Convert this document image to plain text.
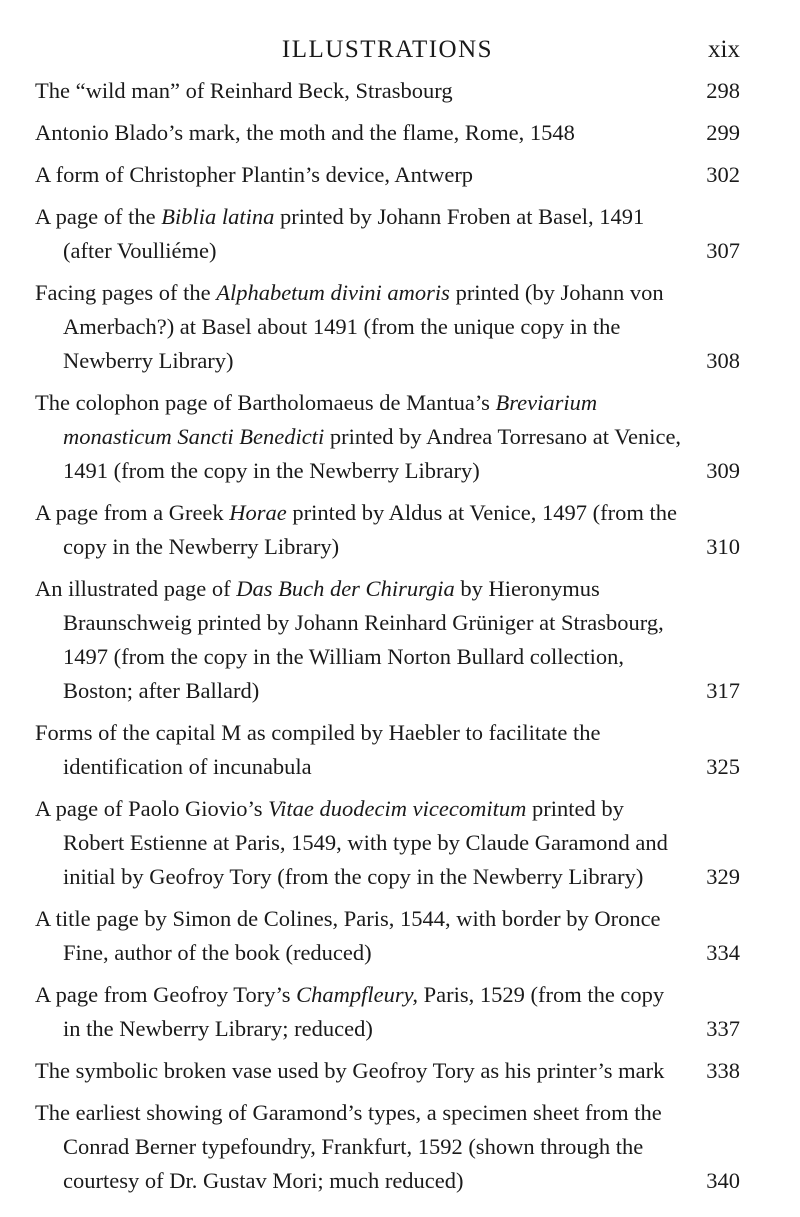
ILLUSTRATIONS	xix
The “wild man” of Reinhard Beck, Strasbourg	298
Antonio Blado’s mark, the moth and the flame, Rome, 1548	299
A form of Christopher Plantin’s device, Antwerp	302
A page of the Biblia latina printed by Johann Froben at Basel, 1491 (after Voulliéme)	307
Facing pages of the Alphabetum divini amoris printed (by Johann von Amerbach?) at Basel about 1491 (from the unique copy in the Newberry Library)	308
The colophon page of Bartholomaeus de Mantua’s Breviarium monasticum Sancti Benedicti printed by Andrea Torresano at Venice, 1491 (from the copy in the Newberry Library)	309
A page from a Greek Horae printed by Aldus at Venice, 1497 (from the copy in the Newberry Library)	310
An illustrated page of Das Buch der Chirurgia by Hieronymus Braunschweig printed by Johann Reinhard Grüniger at Strasbourg, 1497 (from the copy in the William Norton Bullard collection, Boston; after Ballard)	317
Forms of the capital M as compiled by Haebler to facilitate the identification of incunabula	325
A page of Paolo Giovio’s Vitae duodecim vicecomitum printed by Robert Estienne at Paris, 1549, with type by Claude Garamond and initial by Geofroy Tory (from the copy in the Newberry Library)	329
A title page by Simon de Colines, Paris, 1544, with border by Oronce Fine, author of the book (reduced)	334
A page from Geofroy Tory’s Champfleury, Paris, 1529 (from the copy in the Newberry Library; reduced)	337
The symbolic broken vase used by Geofroy Tory as his printer’s mark 338
The earliest showing of Garamond’s types, a specimen sheet from the Conrad Berner typefoundry, Frankfurt, 1592 (shown through the courtesy of Dr. Gustav Mori; much reduced)	340
